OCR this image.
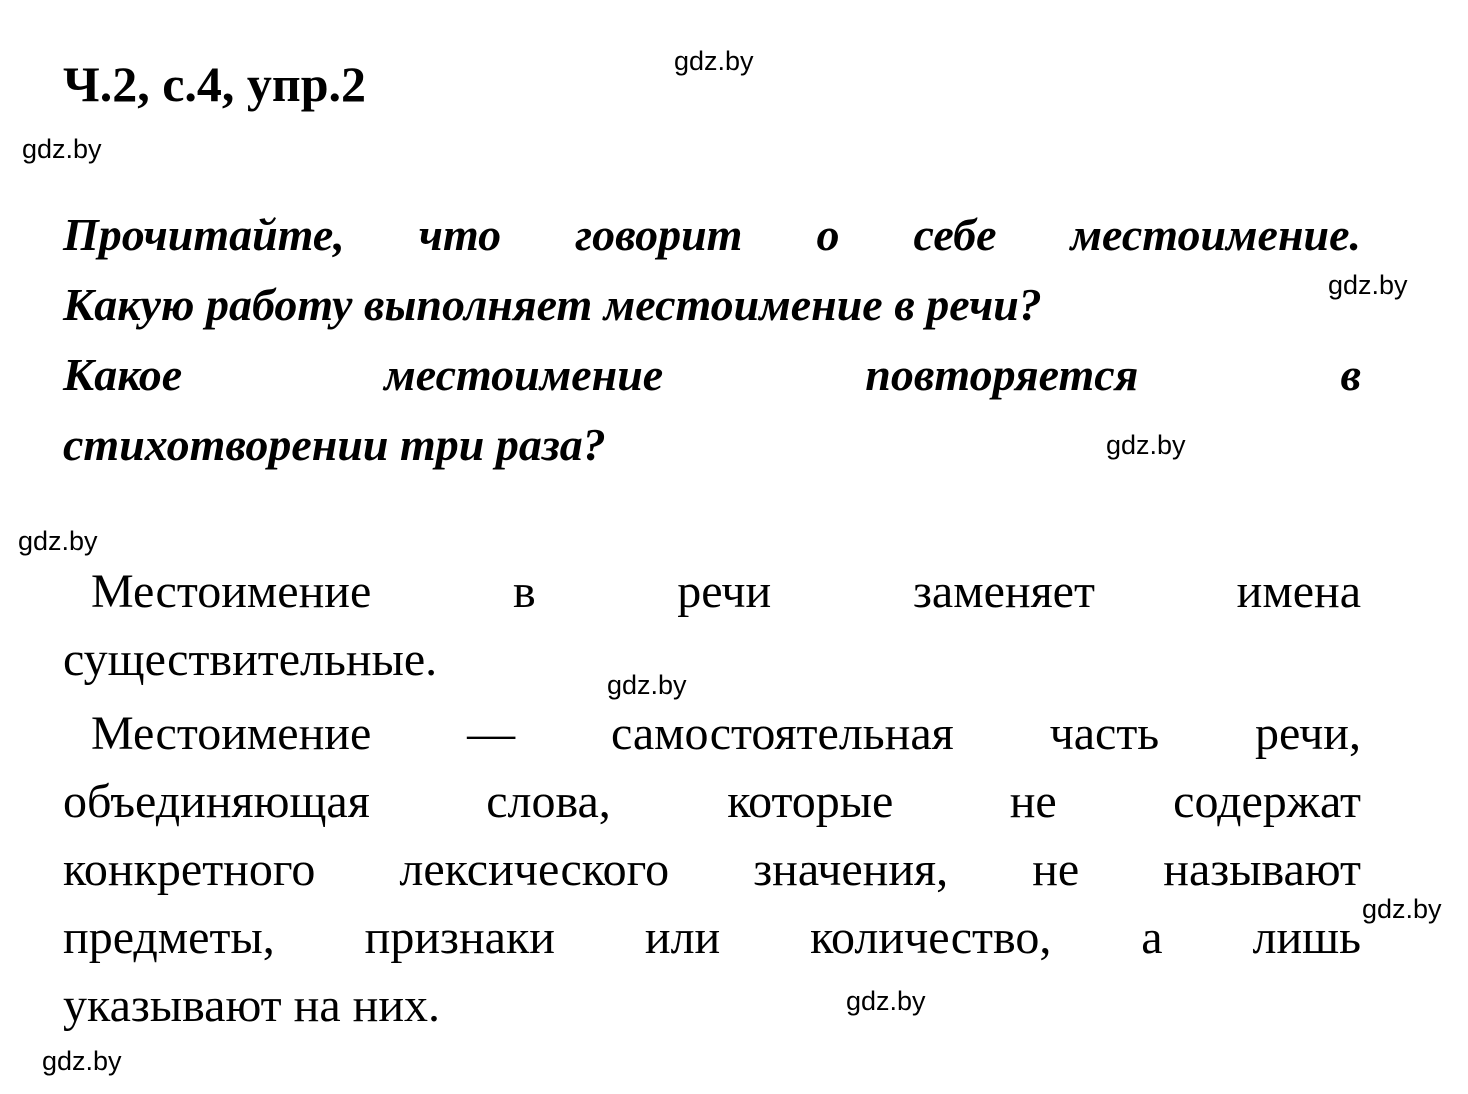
Ч.2, с.4, упр.2
Прочитайте, что говорит о себе местоимение.
Какую работу выполняет местоимение в речи?
Какое местоимение повторяется в
стихотворении три раза?
Местоимение в речи заменяет имена
существительные.
Местоимение — самостоятельная часть речи,
объединяющая слова, которые не содержат
конкретного лексического значения, не называют
предметы, признаки или количество, а лишь
указывают на них.
gdz.by
gdz.by
gdz.by
gdz.by
gdz.by
gdz.by
gdz.by
gdz.by
gdz.by
